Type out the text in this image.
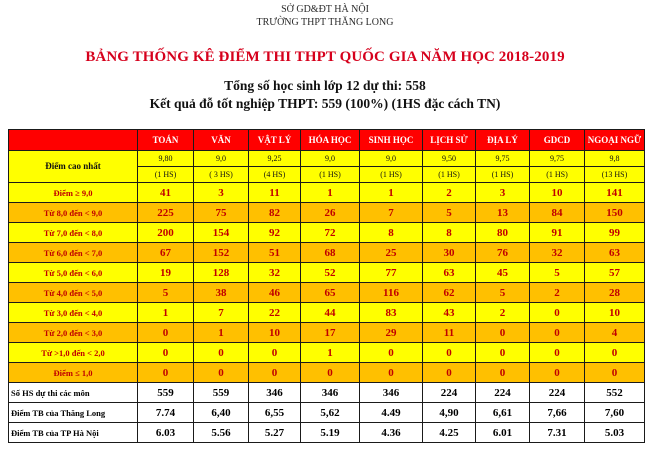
SỞ GD&ĐT HÀ NỘI
TRƯỜNG THPT THĂNG LONG
BẢNG THỐNG KÊ ĐIỂM THI THPT QUỐC GIA NĂM HỌC 2018-2019
Tổng số học sinh lớp 12 dự thi: 558
Kết quả đỗ tốt nghiệp THPT: 559 (100%) (1HS đặc cách TN)
	TOÁN	VĂN	VẬT LÝ	HÓA HỌC	SINH HỌC	LỊCH SỬ	ĐỊA LÝ	GDCD	NGOẠI NGỮ
Điểm cao nhất	9,80	9,0	9,25	9,0	9,0	9,50	9,75	9,75	9,8
	(1 HS)	( 3 HS)	(4 HS)	(1 HS)	(1 HS)	(1 HS)	(1 HS)	(1 HS)	(13 HS)
Điểm ≥ 9,0	41	3	11	1	1	2	3	10	141
Từ 8,0 đến < 9,0	225	75	82	26	7	5	13	84	150
Từ 7,0 đến < 8,0	200	154	92	72	8	8	80	91	99
Từ 6,0 đến < 7,0	67	152	51	68	25	30	76	32	63
Từ 5,0 đến < 6,0	19	128	32	52	77	63	45	5	57
Từ 4,0 đến < 5,0	5	38	46	65	116	62	5	2	28
Từ 3,0 đến < 4,0	1	7	22	44	83	43	2	0	10
Từ 2,0 đến < 3,0	0	1	10	17	29	11	0	0	4
Từ >1,0 đến < 2,0	0	0	0	1	0	0	0	0	0
Điểm ≤ 1,0	0	0	0	0	0	0	0	0	0
Số HS dự thi các môn	559	559	346	346	346	224	224	224	552
Điểm TB của Thăng Long	7.74	6,40	6,55	5,62	4.49	4,90	6,61	7,66	7,60
Điểm TB của TP Hà Nội	6.03	5.56	5.27	5.19	4.36	4.25	6.01	7.31	5.03
